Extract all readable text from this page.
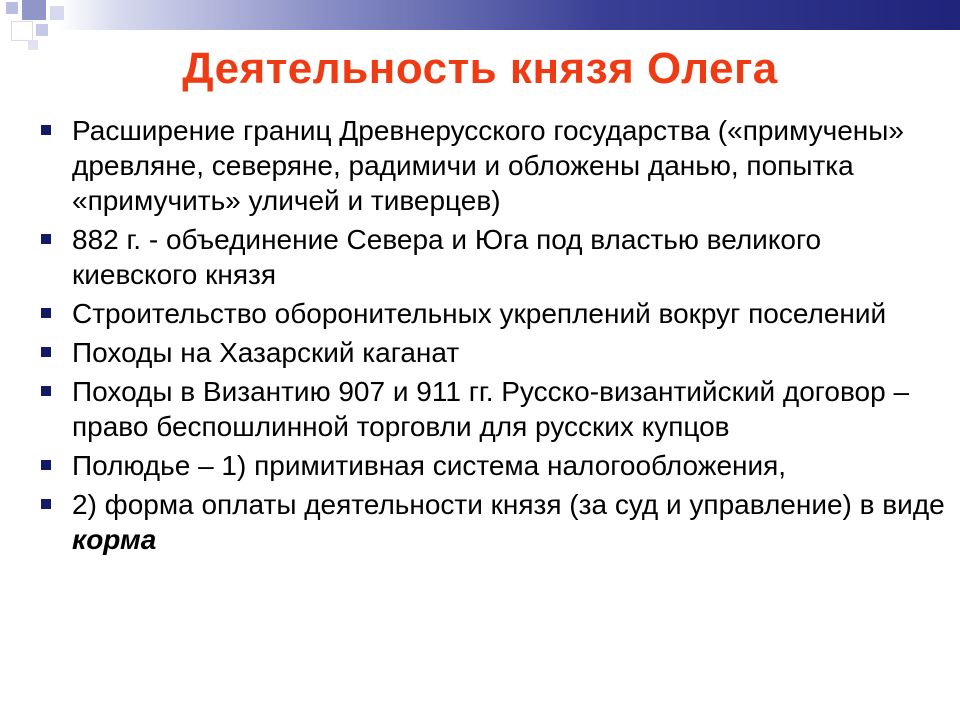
Деятельность князя Олега
Расширение границ Древнерусского государства («примучены» древляне, северяне, радимичи и обложены данью, попытка «примучить» уличей и тиверцев)
882 г. - объединение Севера и Юга под властью великого киевского князя
Строительство оборонительных укреплений вокруг поселений
Походы на Хазарский каганат
Походы в Византию 907 и 911 гг. Русско-византийский договор – право беспошлинной торговли для русских купцов
Полюдье – 1) примитивная система налогообложения,
2) форма оплаты деятельности князя (за суд и управление) в виде корма
